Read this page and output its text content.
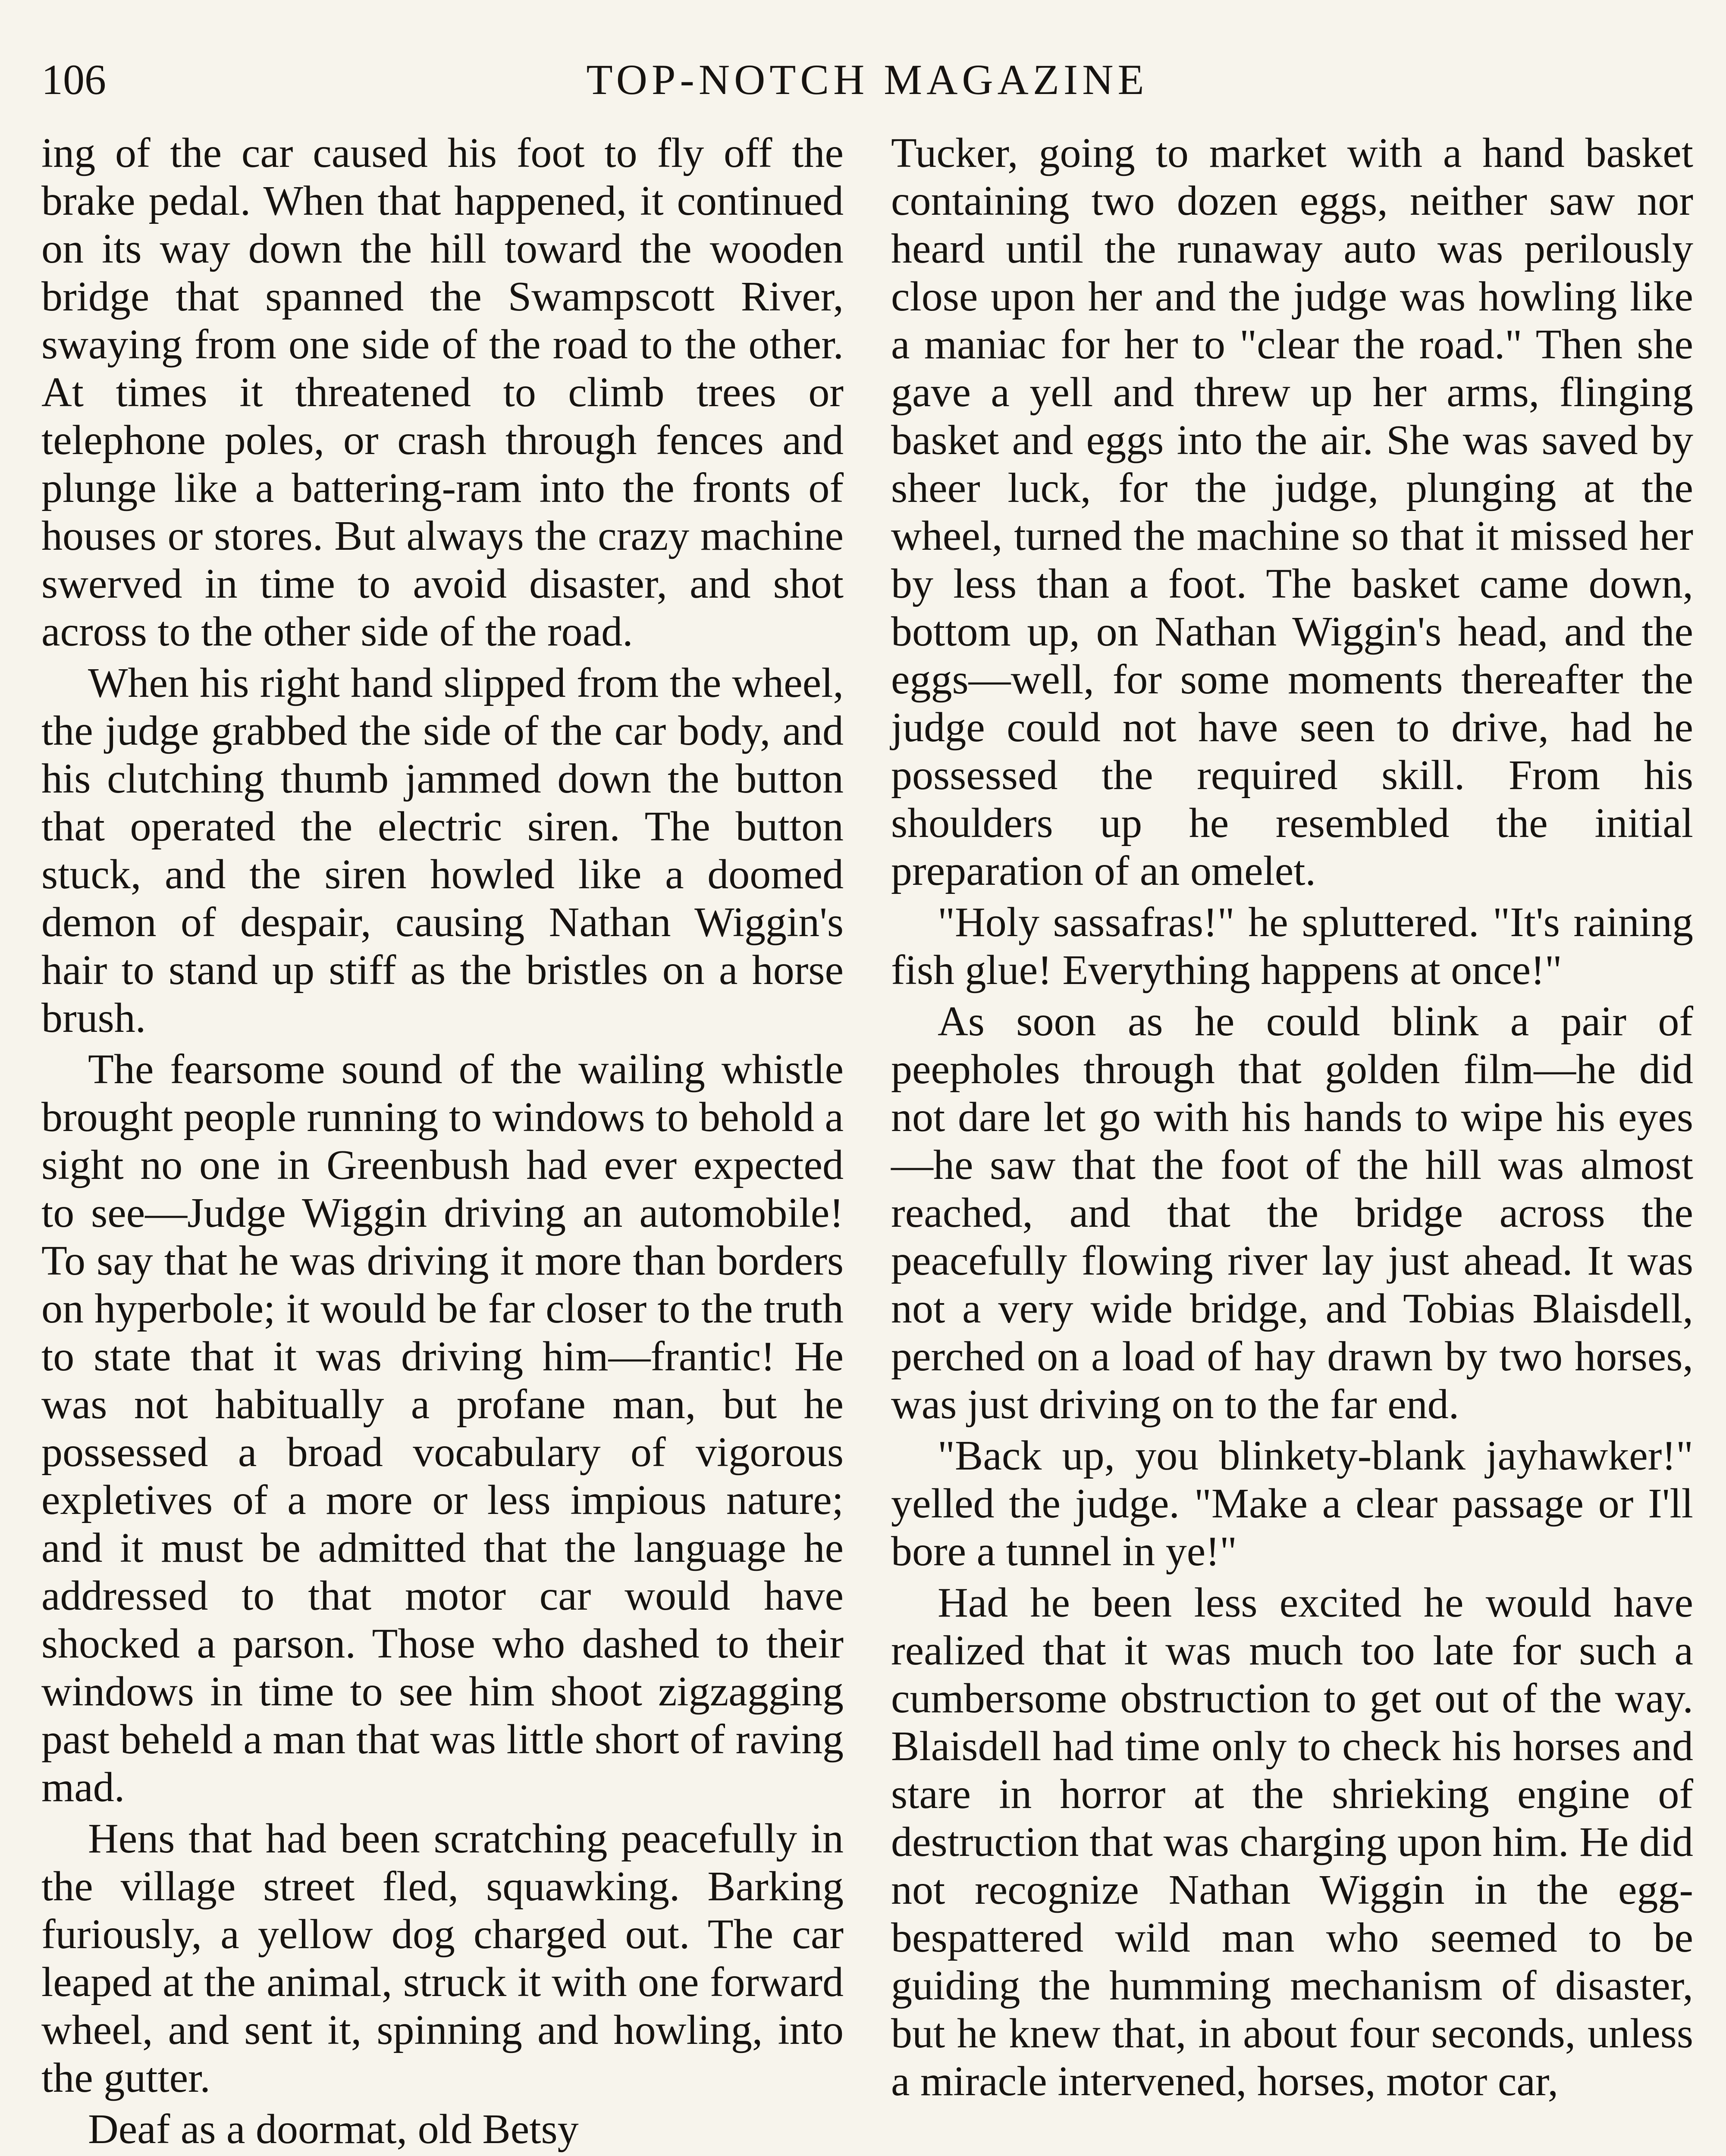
106	TOP-NOTCH MAGAZINE

ing of the car caused his foot to fly off the brake pedal. When that happened, it continued on its way down the hill toward the wooden bridge that spanned the Swampscott River, swaying from one side of the road to the other. At times it threatened to climb trees or telephone poles, or crash through fences and plunge like a battering-ram into the fronts of houses or stores. But always the crazy machine swerved in time to avoid disaster, and shot across to the other side of the road.

When his right hand slipped from the wheel, the judge grabbed the side of the car body, and his clutching thumb jammed down the button that operated the electric siren. The button stuck, and the siren howled like a doomed demon of despair, causing Nathan Wiggin's hair to stand up stiff as the bristles on a horse brush.

The fearsome sound of the wailing whistle brought people running to windows to behold a sight no one in Greenbush had ever expected to see—Judge Wiggin driving an automobile! To say that he was driving it more than borders on hyperbole; it would be far closer to the truth to state that it was driving him—frantic! He was not habitually a profane man, but he possessed a broad vocabulary of vigorous expletives of a more or less impious nature; and it must be admitted that the language he addressed to that motor car would have shocked a parson. Those who dashed to their windows in time to see him shoot zigzagging past beheld a man that was little short of raving mad.

Hens that had been scratching peacefully in the village street fled, squawking. Barking furiously, a yellow dog charged out. The car leaped at the animal, struck it with one forward wheel, and sent it, spinning and howling, into the gutter.

Deaf as a doormat, old Betsy

Tucker, going to market with a hand basket containing two dozen eggs, neither saw nor heard until the runaway auto was perilously close upon her and the judge was howling like a maniac for her to "clear the road." Then she gave a yell and threw up her arms, flinging basket and eggs into the air. She was saved by sheer luck, for the judge, plunging at the wheel, turned the machine so that it missed her by less than a foot. The basket came down, bottom up, on Nathan Wiggin's head, and the eggs—well, for some moments thereafter the judge could not have seen to drive, had he possessed the required skill. From his shoulders up he resembled the initial preparation of an omelet.

"Holy sassafras!" he spluttered. "It's raining fish glue! Everything happens at once!"

As soon as he could blink a pair of peepholes through that golden film—he did not dare let go with his hands to wipe his eyes—he saw that the foot of the hill was almost reached, and that the bridge across the peacefully flowing river lay just ahead. It was not a very wide bridge, and Tobias Blaisdell, perched on a load of hay drawn by two horses, was just driving on to the far end.

"Back up, you blinkety-blank jayhawker!" yelled the judge. "Make a clear passage or I'll bore a tunnel in ye!"

Had he been less excited he would have realized that it was much too late for such a cumbersome obstruction to get out of the way. Blaisdell had time only to check his horses and stare in horror at the shrieking engine of destruction that was charging upon him. He did not recognize Nathan Wiggin in the egg-bespattered wild man who seemed to be guiding the humming mechanism of disaster, but he knew that, in about four seconds, unless a miracle intervened, horses, motor car,
